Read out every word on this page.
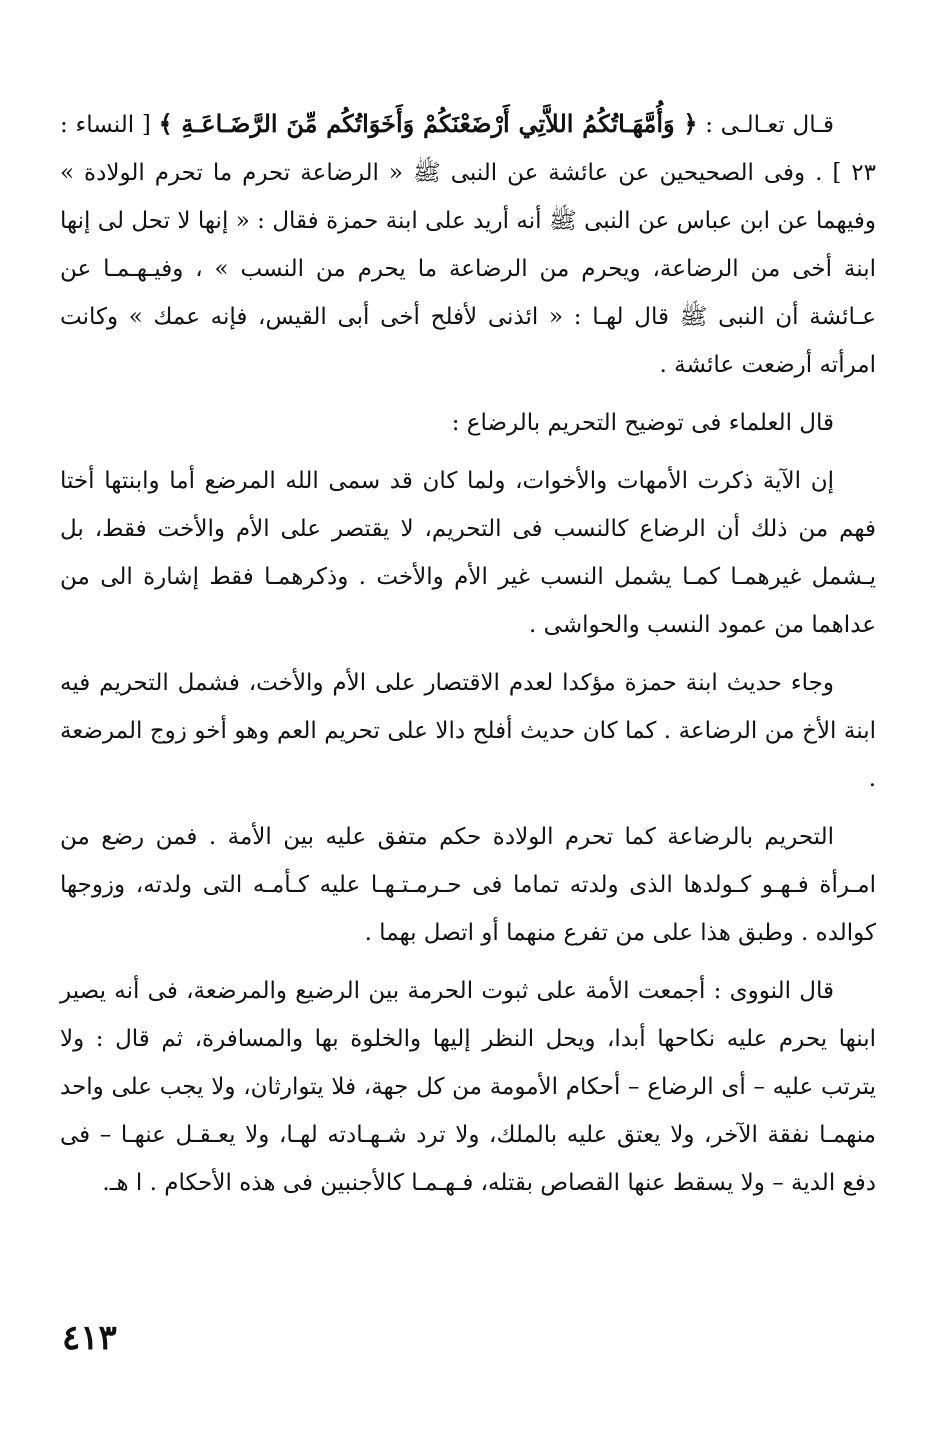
قـال تعـالـى : ﴿ وَأُمَّهَـاتُكُمُ اللاَّتِي أَرْضَعْنَكُمْ وَأَخَوَاتُكُم مِّنَ الرَّضَـاعَـةِ ﴾ [ النساء : ٢٣ ] . وفى الصحيحين عن عائشة عن النبى ﷺ « الرضاعة تحرم ما تحرم الولادة » وفيهما عن ابن عباس عن النبى ﷺ أنه أريد على ابنة حمزة فقال : « إنها لا تحل لى إنها ابنة أخى من الرضاعة، ويحرم من الرضاعة ما يحرم من النسب » ، وفيـهـمـا عن عـائشة أن النبى ﷺ قال لهـا : « ائذنى لأفلح أخى أبى القيس، فإنه عمك » وكانت امرأته أرضعت عائشة .

قال العلماء فى توضيح التحريم بالرضاع :

إن الآية ذكرت الأمهات والأخوات، ولما كان قد سمى الله المرضع أما وابنتها أختا فهم من ذلك أن الرضاع كالنسب فى التحريم، لا يقتصر على الأم والأخت فقط، بل يـشمل غيرهمـا كمـا يشمل النسب غير الأم والأخت . وذكرهمـا فقط إشارة الى من عداهما من عمود النسب والحواشى .

وجاء حديث ابنة حمزة مؤكدا لعدم الاقتصار على الأم والأخت، فشمل التحريم فيه ابنة الأخ من الرضاعة . كما كان حديث أفلح دالا على تحريم العم وهو أخو زوج المرضعة .

التحريم بالرضاعة كما تحرم الولادة حكم متفق عليه بين الأمة . فمن رضع من امـرأة فـهـو كـولدها الذى ولدته تماما فى حـرمـتـهـا عليه كـأمـه التى ولدته، وزوجها كوالده . وطبق هذا على من تفرع منهما أو اتصل بهما .

قال النووى : أجمعت الأمة على ثبوت الحرمة بين الرضيع والمرضعة، فى أنه يصير ابنها يحرم عليه نكاحها أبدا، ويحل النظر إليها والخلوة بها والمسافرة، ثم قال : ولا يترتب عليه – أى الرضاع – أحكام الأمومة من كل جهة، فلا يتوارثان، ولا يجب على واحد منهمـا نفقة الآخر، ولا يعتق عليه بالملك، ولا ترد شـهـادته لهـا، ولا يعـقـل عنهـا – فى دفع الدية – ولا يسقط عنها القصاص بقتله، فـهـمـا كالأجنبين فى هذه الأحكام . ا هـ.

٤١٣
